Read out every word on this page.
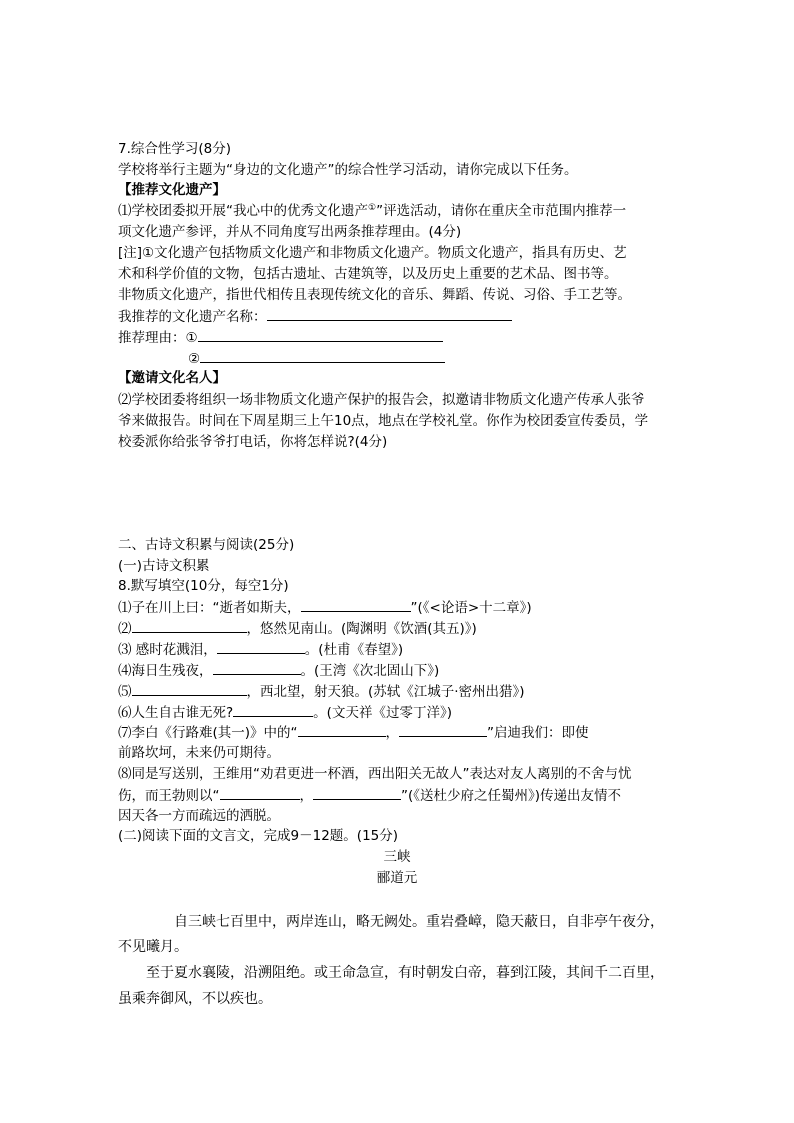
7.综合性学习(8分)
学校将举行主题为“身边的文化遗产”的综合性学习活动，请你完成以下任务。
【推荐文化遗产】
⑴学校团委拟开展“我心中的优秀文化遗产①”评选活动，请你在重庆全市范围内推荐一
项文化遗产参评，并从不同角度写出两条推荐理由。(4分)
[注]①文化遗产包括物质文化遗产和非物质文化遗产。物质文化遗产，指具有历史、艺
术和科学价值的文物，包括古遗址、古建筑等，以及历史上重要的艺术品、图书等。
非物质文化遗产，指世代相传且表现传统文化的音乐、舞蹈、传说、习俗、手工艺等。
我推荐的文化遗产名称：
推荐理由：①
②
【邀请文化名人】
⑵学校团委将组织一场非物质文化遗产保护的报告会，拟邀请非物质文化遗产传承人张爷
爷来做报告。时间在下周星期三上午10点，地点在学校礼堂。你作为校团委宣传委员，学
校委派你给张爷爷打电话，你将怎样说?(4分)
二、古诗文积累与阅读(25分)
(一)古诗文积累
8.默写填空(10分，每空1分)
⑴子在川上曰：“逝者如斯夫，	”(《<论语>十二章》)
⑵	，悠然见南山。(陶渊明《饮酒(其五)》)
⑶ 感时花溅泪，	。(杜甫《春望》)
⑷海日生残夜，	。(王湾《次北固山下》)
⑸	，西北望，射天狼。(苏轼《江城子·密州出猎》)
⑹人生自古谁无死?	。(文天祥《过零丁洋》)
⑺李白《行路难(其一)》中的“	，	”启迪我们：即使
前路坎坷，未来仍可期待。
⑻同是写送别，王维用“劝君更进一杯酒，西出阳关无故人”表达对友人离别的不舍与忧
伤，而王勃则以“	，	”(《送杜少府之任蜀州》)传递出友情不
因天各一方而疏远的洒脱。
(二)阅读下面的文言文，完成9－12题。(15分)
三峡
郦道元
自三峡七百里中，两岸连山，略无阙处。重岩叠嶂，隐天蔽日，自非亭午夜分，
不见曦月。
至于夏水襄陵，沿溯阻绝。或王命急宣，有时朝发白帝，暮到江陵，其间千二百里，
虽乘奔御风，不以疾也。
